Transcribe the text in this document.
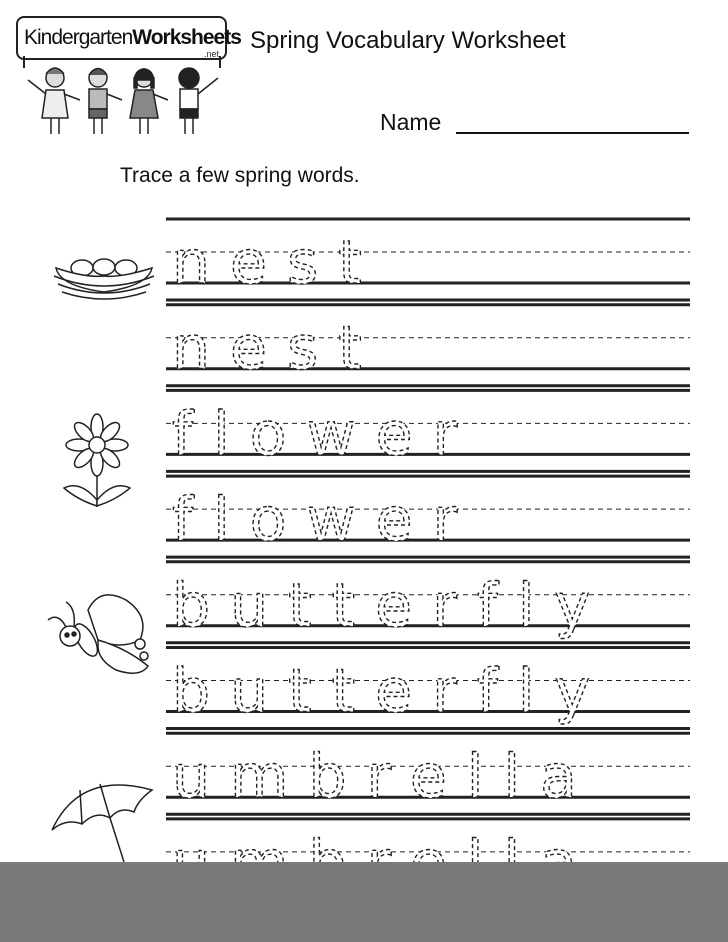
KindergartenWorksheets
.net Spring Vocabulary Worksheet
Name
Trace a few spring words.
nest
nest
flower
flower
butterfly
butterfly
umbrella
